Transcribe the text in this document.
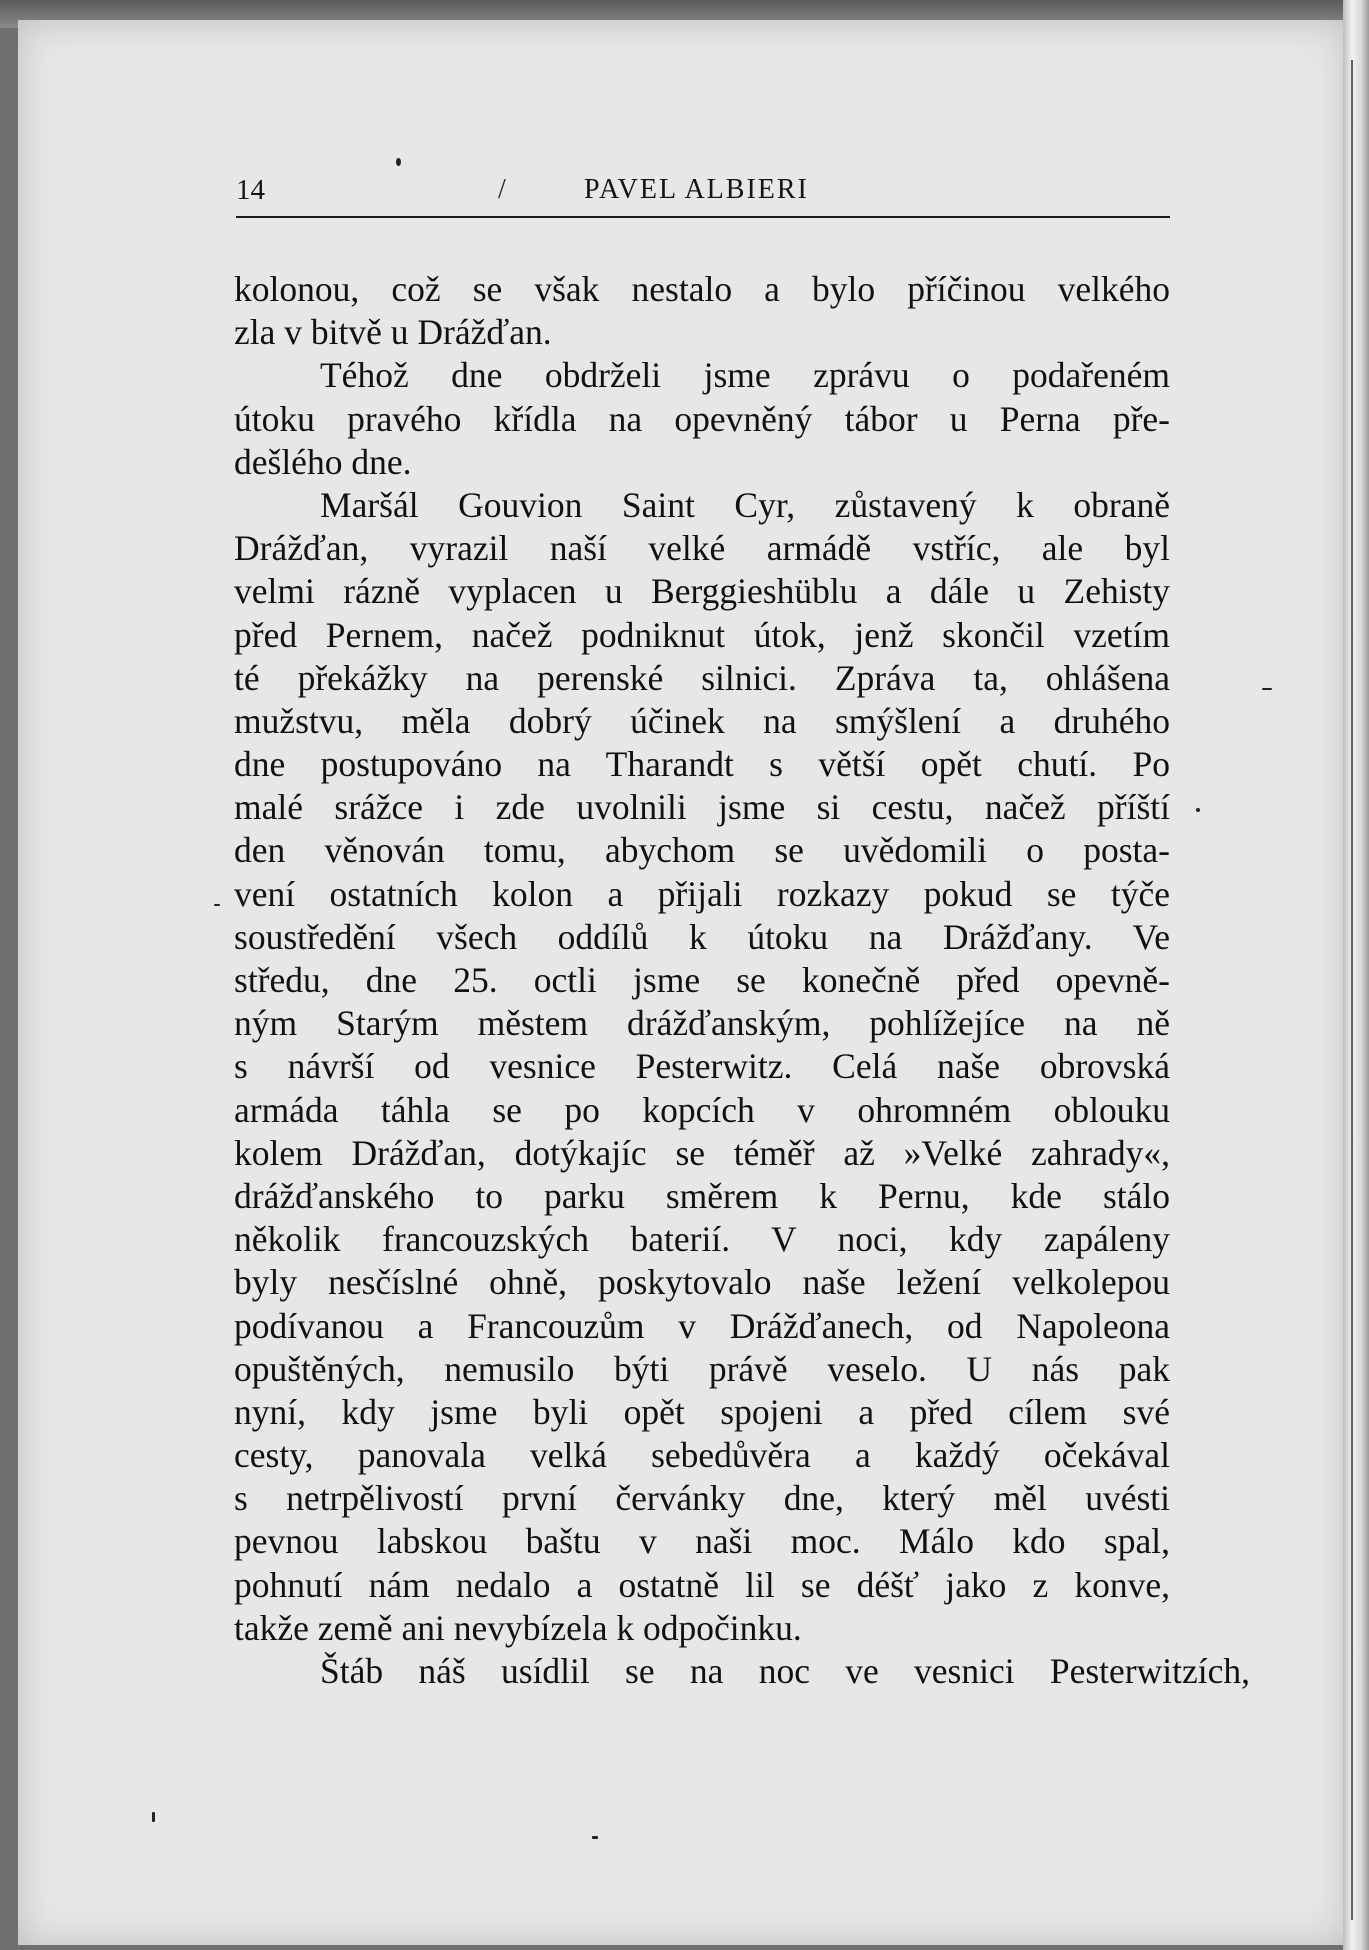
14	/	PAVEL ALBIERI
kolonou, což se však nestalo a bylo příčinou velkého
zla v bitvě u Drážďan.
Téhož dne obdrželi jsme zprávu o podařeném
útoku pravého křídla na opevněný tábor u Perna pře-
dešlého dne.
Maršál Gouvion Saint Cyr, zůstavený k obraně
Drážďan, vyrazil naší velké armádě vstříc, ale byl
velmi rázně vyplacen u Berggieshüblu a dále u Zehisty
před Pernem, načež podniknut útok, jenž skončil vzetím
té překážky na perenské silnici. Zpráva ta, ohlášena
mužstvu, měla dobrý účinek na smýšlení a druhého
dne postupováno na Tharandt s větší opět chutí. Po
malé srážce i zde uvolnili jsme si cestu, načež příští
den věnován tomu, abychom se uvědomili o posta-
vení ostatních kolon a přijali rozkazy pokud se týče
soustředění všech oddílů k útoku na Drážďany. Ve
středu, dne 25. octli jsme se konečně před opevně-
ným Starým městem drážďanským, pohlížejíce na ně
s návrší od vesnice Pesterwitz. Celá naše obrovská
armáda táhla se po kopcích v ohromném oblouku
kolem Drážďan, dotýkajíc se téměř až »Velké zahrady«,
drážďanského to parku směrem k Pernu, kde stálo
několik francouzských baterií. V noci, kdy zapáleny
byly nesčíslné ohně, poskytovalo naše ležení velkolepou
podívanou a Francouzům v Drážďanech, od Napoleona
opuštěných, nemusilo býti právě veselo. U nás pak
nyní, kdy jsme byli opět spojeni a před cílem své
cesty, panovala velká sebedůvěra a každý očekával
s netrpělivostí první červánky dne, který měl uvésti
pevnou labskou baštu v naši moc. Málo kdo spal,
pohnutí nám nedalo a ostatně lil se déšť jako z konve,
takže země ani nevybízela k odpočinku.
Štáb náš usídlil se na noc ve vesnici Pesterwitzích,
